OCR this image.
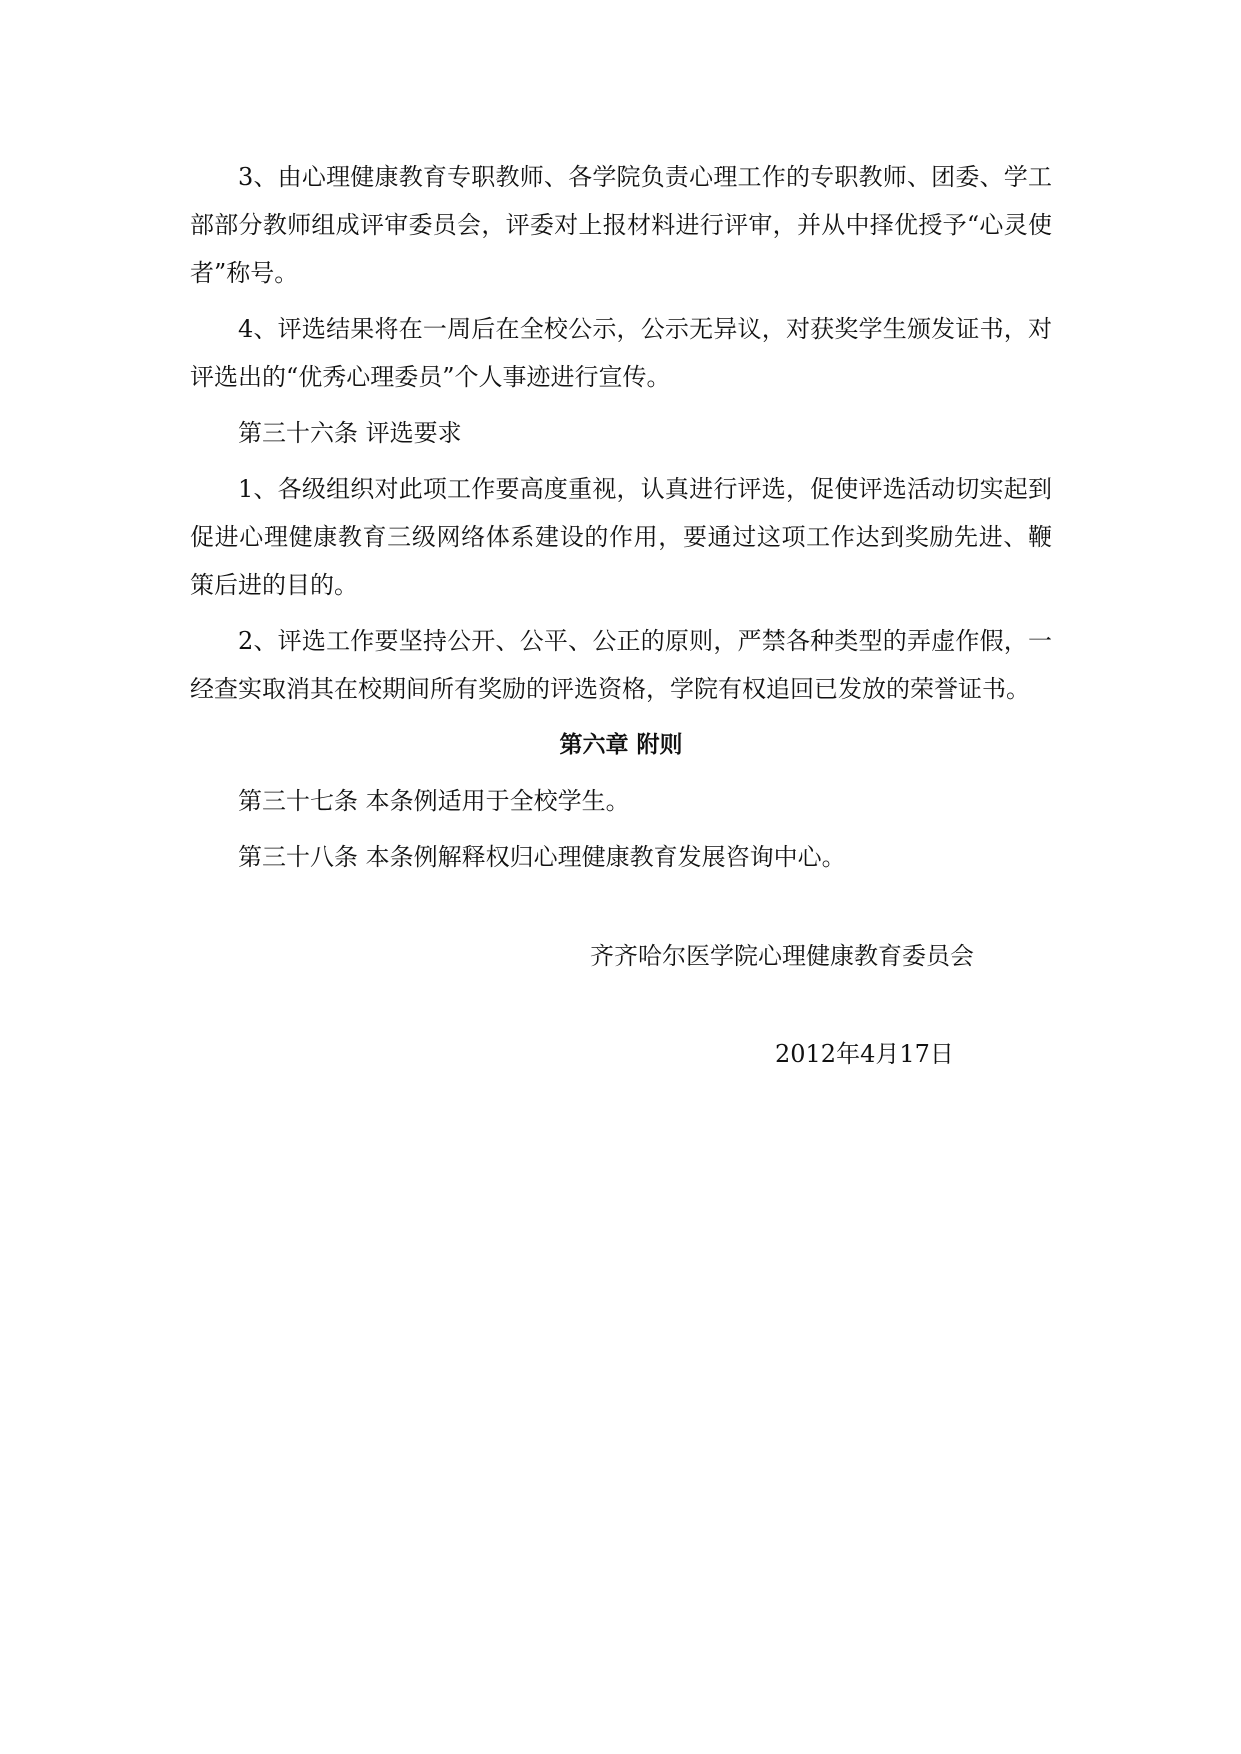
3、由心理健康教育专职教师、各学院负责心理工作的专职教师、团委、学工部部分教师组成评审委员会，评委对上报材料进行评审，并从中择优授予“心灵使者”称号。

4、评选结果将在一周后在全校公示，公示无异议，对获奖学生颁发证书，对评选出的“优秀心理委员”个人事迹进行宣传。

第三十六条 评选要求

1、各级组织对此项工作要高度重视，认真进行评选，促使评选活动切实起到促进心理健康教育三级网络体系建设的作用，要通过这项工作达到奖励先进、鞭策后进的目的。

2、评选工作要坚持公开、公平、公正的原则，严禁各种类型的弄虚作假，一经查实取消其在校期间所有奖励的评选资格，学院有权追回已发放的荣誉证书。

第六章 附则

第三十七条 本条例适用于全校学生。

第三十八条 本条例解释权归心理健康教育发展咨询中心。

齐齐哈尔医学院心理健康教育委员会
2012年4月17日
